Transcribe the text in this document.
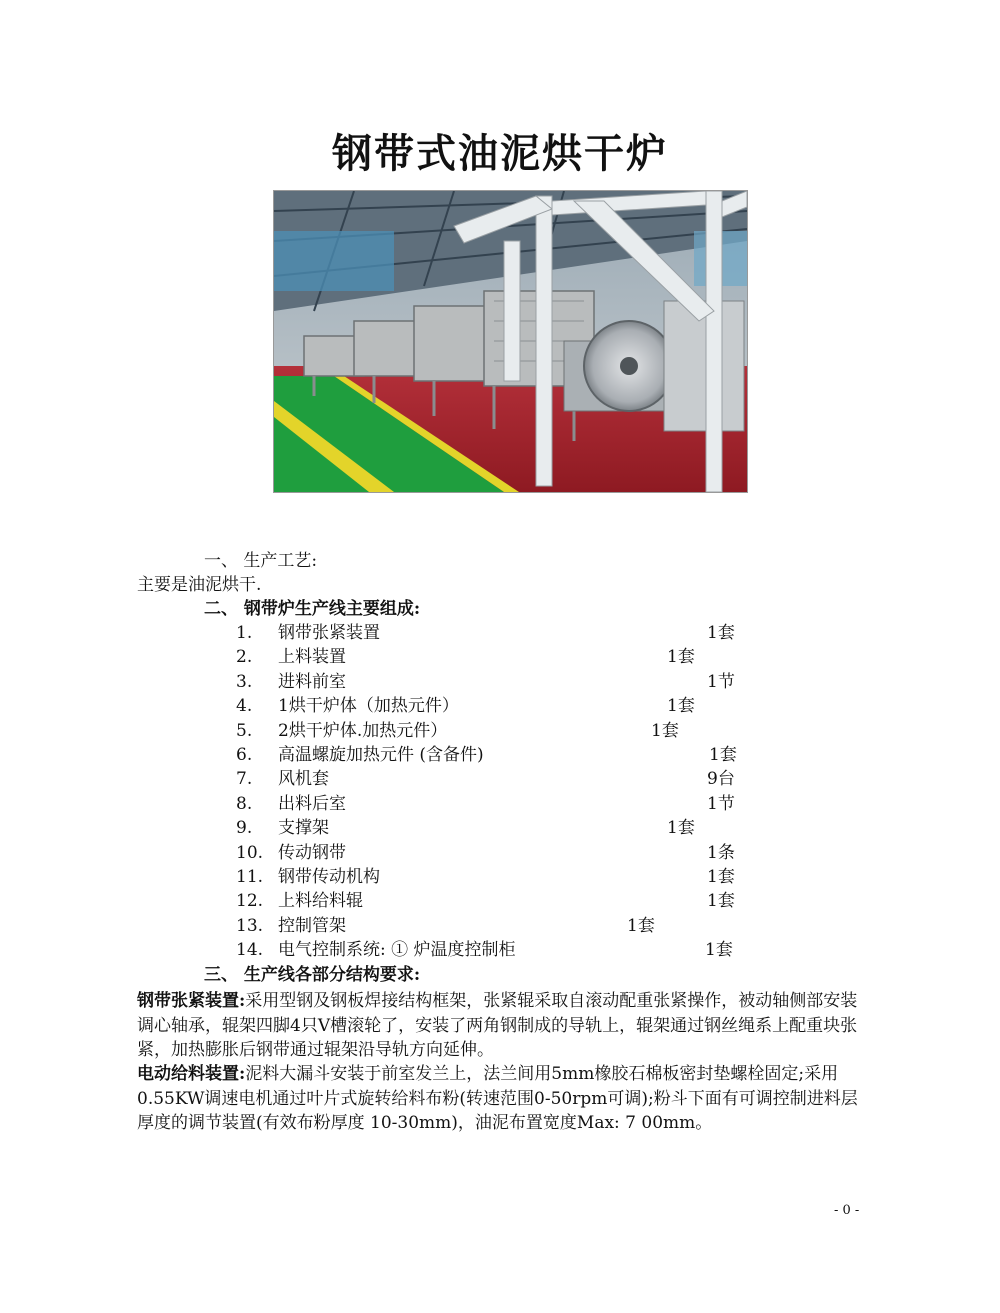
钢带式油泥烘干炉
一、 生产工艺:
主要是油泥烘干.
二、 钢带炉生产线主要组成:
1.	钢带张紧装置	1套
2.	上料装置	1套
3.	进料前室	1节
4.	1烘干炉体（加热元件）	1套
5.	2烘干炉体.加热元件）	1套
6.	高温螺旋加热元件 (含备件)	1套
7.	风机套	9台
8.	出料后室	1节
9.	支撑架	1套
10. 传动钢带	1条
11. 钢带传动机构	1套
12. 上料给料辊	1套
13. 控制管架	1套
14. 电气控制系统: ① 炉温度控制柜	1套
三、 生产线各部分结构要求:
钢带张紧装置:采用型钢及钢板焊接结构框架，张紧辊采取自滚动配重张紧操作，被动轴侧部安装调心轴承，辊架四脚4只V槽滚轮了，安装了两角钢制成的导轨上，辊架通过钢丝绳系上配重块张紧，加热膨胀后钢带通过辊架沿导轨方向延伸。
电动给料装置:泥料大漏斗安装于前室发兰上，法兰间用5mm橡胶石棉板密封垫螺栓固定;采用0.55KW调速电机通过叶片式旋转给料布粉(转速范围0-50rpm可调);粉斗下面有可调控制进料层厚度的调节装置(有效布粉厚度 10-30mm)，油泥布置宽度Max: 7 00mm。
- 0 -
